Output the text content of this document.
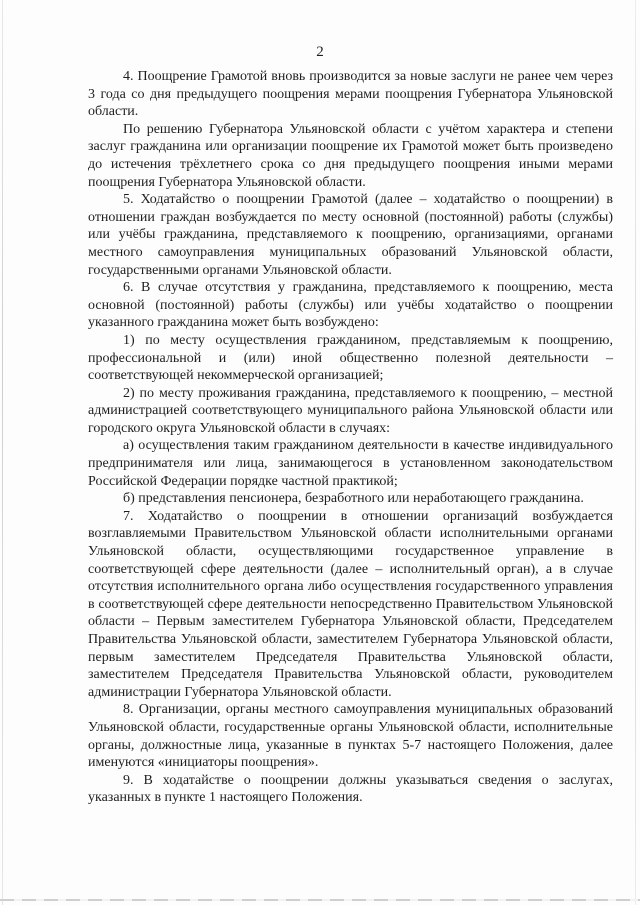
2

4. Поощрение Грамотой вновь производится за новые заслуги не ранее чем через 3 года со дня предыдущего поощрения мерами поощрения Губернатора Ульяновской области.

По решению Губернатора Ульяновской области с учётом характера и степени заслуг гражданина или организации поощрение их Грамотой может быть произведено до истечения трёхлетнего срока со дня предыдущего поощрения иными мерами поощрения Губернатора Ульяновской области.

5. Ходатайство о поощрении Грамотой (далее – ходатайство о поощрении) в отношении граждан возбуждается по месту основной (постоянной) работы (службы) или учёбы гражданина, представляемого к поощрению, организациями, органами местного самоуправления муниципальных образований Ульяновской области, государственными органами Ульяновской области.

6. В случае отсутствия у гражданина, представляемого к поощрению, места основной (постоянной) работы (службы) или учёбы ходатайство о поощрении указанного гражданина может быть возбуждено:

1) по месту осуществления гражданином, представляемым к поощрению, профессиональной и (или) иной общественно полезной деятельности – соответствующей некоммерческой организацией;

2) по месту проживания гражданина, представляемого к поощрению, – местной администрацией соответствующего муниципального района Ульяновской области или городского округа Ульяновской области в случаях:

а) осуществления таким гражданином деятельности в качестве индивидуального предпринимателя или лица, занимающегося в установленном законодательством Российской Федерации порядке частной практикой;

б) представления пенсионера, безработного или неработающего гражданина.

7. Ходатайство о поощрении в отношении организаций возбуждается возглавляемыми Правительством Ульяновской области исполнительными органами Ульяновской области, осуществляющими государственное управление в соответствующей сфере деятельности (далее – исполнительный орган), а в случае отсутствия исполнительного органа либо осуществления государственного управления в соответствующей сфере деятельности непосредственно Правительством Ульяновской области – Первым заместителем Губернатора Ульяновской области, Председателем Правительства Ульяновской области, заместителем Губернатора Ульяновской области, первым заместителем Председателя Правительства Ульяновской области, заместителем Председателя Правительства Ульяновской области, руководителем администрации Губернатора Ульяновской области.

8. Организации, органы местного самоуправления муниципальных образований Ульяновской области, государственные органы Ульяновской области, исполнительные органы, должностные лица, указанные в пунктах 5-7 настоящего Положения, далее именуются «инициаторы поощрения».

9. В ходатайстве о поощрении должны указываться сведения о заслугах, указанных в пункте 1 настоящего Положения.
